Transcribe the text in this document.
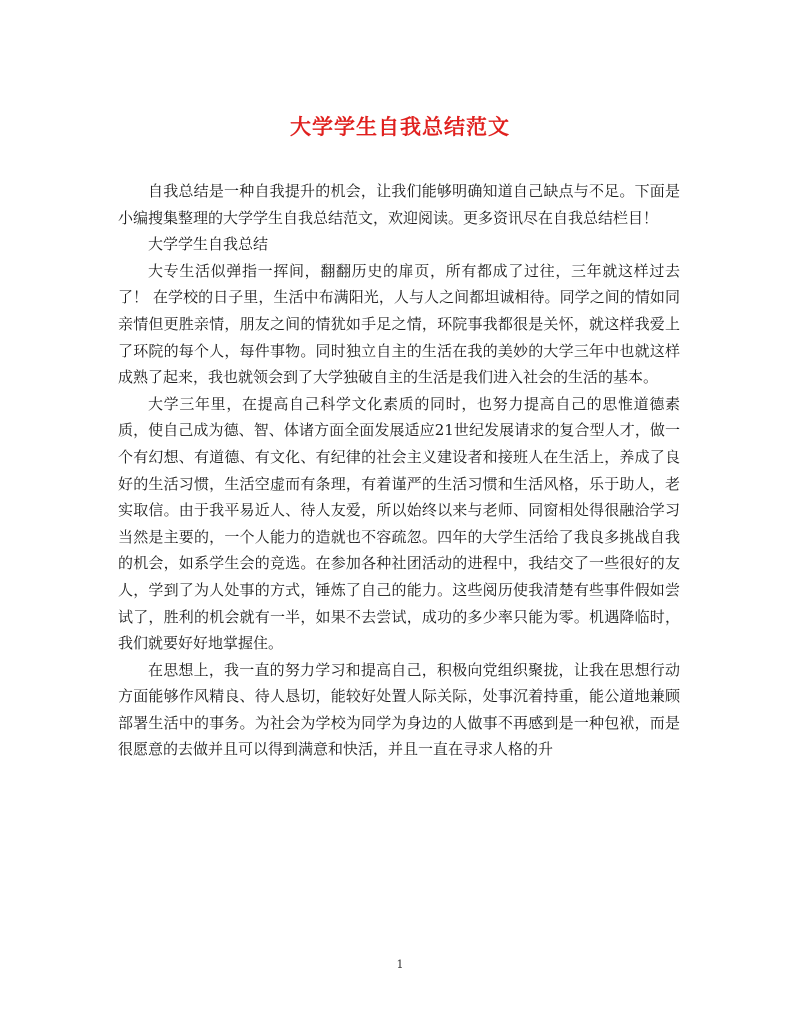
大学学生自我总结范文

自我总结是一种自我提升的机会，让我们能够明确知道自己缺点与不足。下面是小编搜集整理的大学学生自我总结范文，欢迎阅读。更多资讯尽在自我总结栏目！

大学学生自我总结

大专生活似弹指一挥间，翻翻历史的扉页，所有都成了过往，三年就这样过去了！ 在学校的日子里，生活中布满阳光，人与人之间都坦诚相待。同学之间的情如同亲情但更胜亲情，朋友之间的情犹如手足之情，环院事我都很是关怀，就这样我爱上了环院的每个人，每件事物。同时独立自主的生活在我的美妙的大学三年中也就这样成熟了起来，我也就领会到了大学独破自主的生活是我们进入社会的生活的基本。

大学三年里，在提高自己科学文化素质的同时，也努力提高自己的思惟道德素质，使自己成为德、智、体诸方面全面发展适应21世纪发展请求的复合型人才，做一个有幻想、有道德、有文化、有纪律的社会主义建设者和接班人在生活上，养成了良好的生活习惯，生活空虚而有条理，有着谨严的生活习惯和生活风格，乐于助人，老实取信。由于我平易近人、待人友爱，所以始终以来与老师、同窗相处得很融洽学习当然是主要的，一个人能力的造就也不容疏忽。四年的大学生活给了我良多挑战自我的机会，如系学生会的竞选。在参加各种社团活动的进程中，我结交了一些很好的友人，学到了为人处事的方式，锤炼了自己的能力。这些阅历使我清楚有些事件假如尝试了，胜利的机会就有一半，如果不去尝试，成功的多少率只能为零。机遇降临时，我们就要好好地掌握住。

在思想上，我一直的努力学习和提高自己，积极向党组织聚拢，让我在思想行动方面能够作风精良、待人恳切，能较好处置人际关际，处事沉着持重，能公道地兼顾部署生活中的事务。为社会为学校为同学为身边的人做事不再感到是一种包袱，而是很愿意的去做并且可以得到满意和快活，并且一直在寻求人格的升

1
